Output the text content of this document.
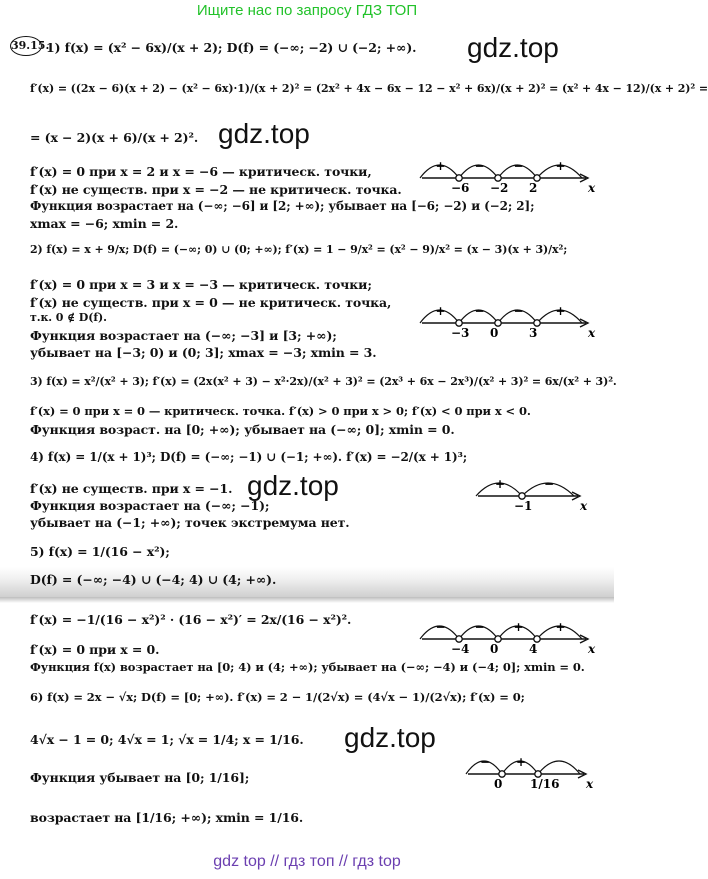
Ищите нас по запросу ГДЗ ТОП
39.15.	gdz.top
gdz.top
gdz.top
gdz.top
1) f(x) = (x² − 6x)/(x + 2); D(f) = (−∞; −2) ∪ (−2; +∞).
f′(x) = ((2x − 6)(x + 2) − (x² − 6x)·1)/(x + 2)² = (2x² + 4x − 6x − 12 − x² + 6x)/(x + 2)² = (x² + 4x − 12)/(x + 2)² =
= (x − 2)(x + 6)/(x + 2)².
f′(x) = 0 при x = 2 и x = −6 — критическ. точки,
f′(x) не существ. при x = −2 — не критическ. точка.
Функция возрастает на (−∞; −6] и [2; +∞); убывает на [−6; −2) и (−2; 2];
xmax = −6; xmin = 2.
2) f(x) = x + 9/x; D(f) = (−∞; 0) ∪ (0; +∞); f′(x) = 1 − 9/x² = (x² − 9)/x² = (x − 3)(x + 3)/x²;
f′(x) = 0 при x = 3 и x = −3 — критическ. точки;
f′(x) не существ. при x = 0 — не критическ. точка,
т.к. 0 ∉ D(f).
Функция возрастает на (−∞; −3] и [3; +∞);
убывает на [−3; 0) и (0; 3]; xmax = −3; xmin = 3.
3) f(x) = x²/(x² + 3); f′(x) = (2x(x² + 3) − x²·2x)/(x² + 3)² = (2x³ + 6x − 2x³)/(x² + 3)² = 6x/(x² + 3)².
f′(x) = 0 при x = 0 — критическ. точка. f′(x) > 0 при x > 0; f′(x) < 0 при x < 0.
Функция возраст. на [0; +∞); убывает на (−∞; 0]; xmin = 0.
4) f(x) = 1/(x + 1)³; D(f) = (−∞; −1) ∪ (−1; +∞). f′(x) = −2/(x + 1)³;
f′(x) не существ. при x = −1.
Функция возрастает на (−∞; −1);
убывает на (−1; +∞); точек экстремума нет.
5) f(x) = 1/(16 − x²);
D(f) = (−∞; −4) ∪ (−4; 4) ∪ (4; +∞).
f′(x) = −1/(16 − x²)² · (16 − x²)′ = 2x/(16 − x²)².
f′(x) = 0 при x = 0.
Функция f(x) возрастает на [0; 4) и (4; +∞); убывает на (−∞; −4) и (−4; 0]; xmin = 0.
6) f(x) = 2x − √x; D(f) = [0; +∞). f′(x) = 2 − 1/(2√x) = (4√x − 1)/(2√x); f′(x) = 0;
4√x − 1 = 0; 4√x = 1; √x = 1/4; x = 1/16.
Функция убывает на [0; 1/16];
возрастает на [1/16; +∞); xmin = 1/16.
+ − −	+
−6 −2 2	x
+ − −	+
−3 0	3	x
+	−
−1	x
− − +	+
−4 0	4	x
− +
0 1/16 x
gdz top // гдз топ // гдз top
